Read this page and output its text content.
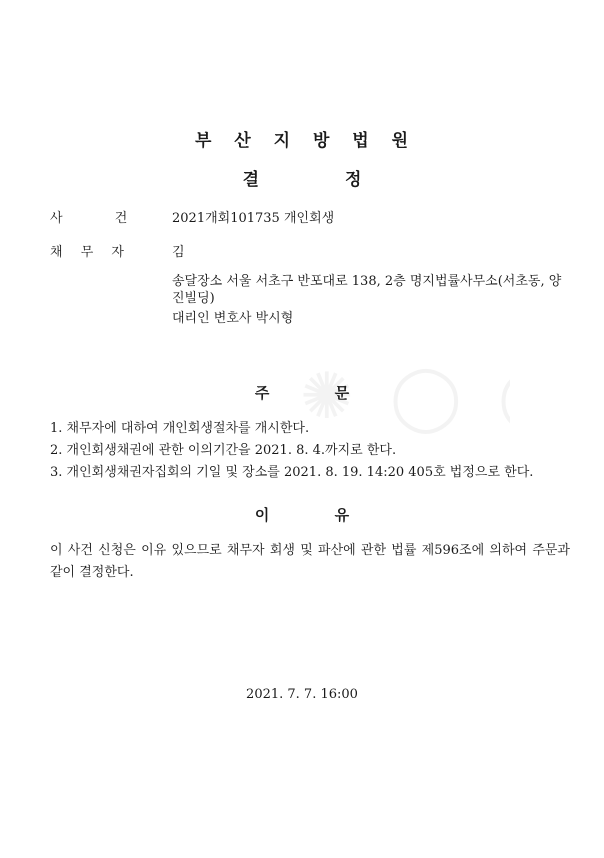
부 산 지 방 법 원
결 정
사 건	2021개회101735 개인회생
채 무 자	김
송달장소 서울 서초구 반포대로 138, 2층 명지법률사무소(서초동, 양진빌딩)
대리인 변호사 박시형
주 문
1. 채무자에 대하여 개인회생절차를 개시한다.
2. 개인회생채권에 관한 이의기간을 2021. 8. 4.까지로 한다.
3. 개인회생채권자집회의 기일 및 장소를 2021. 8. 19. 14:20 405호 법정으로 한다.
이 유
이 사건 신청은 이유 있으므로 채무자 회생 및 파산에 관한 법률 제596조에 의하여 주문과 같이 결정한다.
2021. 7. 7. 16:00
